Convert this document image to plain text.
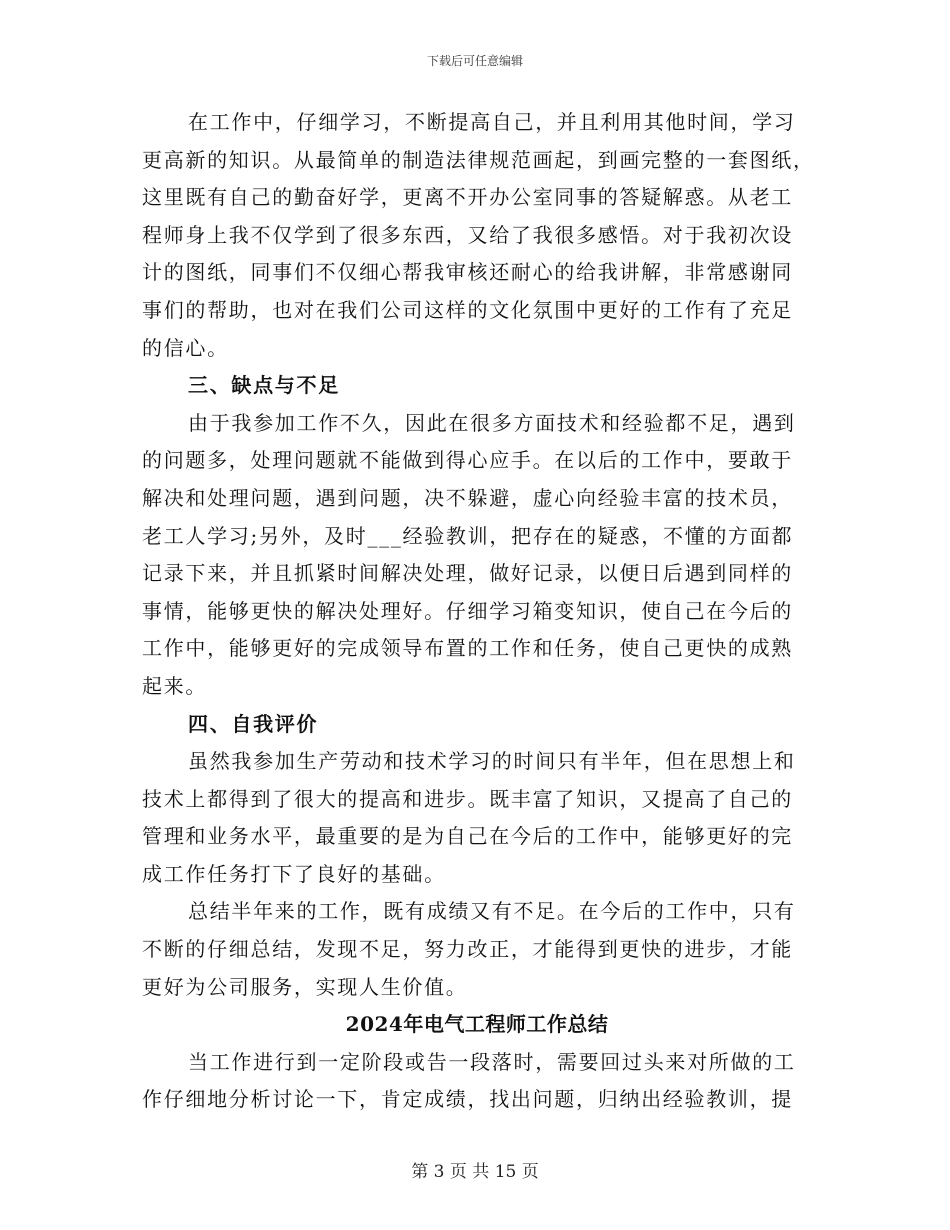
下载后可任意编辑
在工作中，仔细学习，不断提高自己，并且利用其他时间，学习
更高新的知识。从最简单的制造法律规范画起，到画完整的一套图纸，
这里既有自己的勤奋好学，更离不开办公室同事的答疑解惑。从老工
程师身上我不仅学到了很多东西，又给了我很多感悟。对于我初次设
计的图纸，同事们不仅细心帮我审核还耐心的给我讲解，非常感谢同
事们的帮助，也对在我们公司这样的文化氛围中更好的工作有了充足
的信心。
三、缺点与不足
由于我参加工作不久，因此在很多方面技术和经验都不足，遇到
的问题多，处理问题就不能做到得心应手。在以后的工作中，要敢于
解决和处理问题，遇到问题，决不躲避，虚心向经验丰富的技术员，
老工人学习;另外，及时___经验教训，把存在的疑惑，不懂的方面都
记录下来，并且抓紧时间解决处理，做好记录，以便日后遇到同样的
事情，能够更快的解决处理好。仔细学习箱变知识，使自己在今后的
工作中，能够更好的完成领导布置的工作和任务，使自己更快的成熟
起来。
四、自我评价
虽然我参加生产劳动和技术学习的时间只有半年，但在思想上和
技术上都得到了很大的提高和进步。既丰富了知识，又提高了自己的
管理和业务水平，最重要的是为自己在今后的工作中，能够更好的完
成工作任务打下了良好的基础。
总结半年来的工作，既有成绩又有不足。在今后的工作中，只有
不断的仔细总结，发现不足，努力改正，才能得到更快的进步，才能
更好为公司服务，实现人生价值。
2024年电气工程师工作总结
当工作进行到一定阶段或告一段落时，需要回过头来对所做的工
作仔细地分析讨论一下，肯定成绩，找出问题，归纳出经验教训，提
第 3 页 共 15 页
